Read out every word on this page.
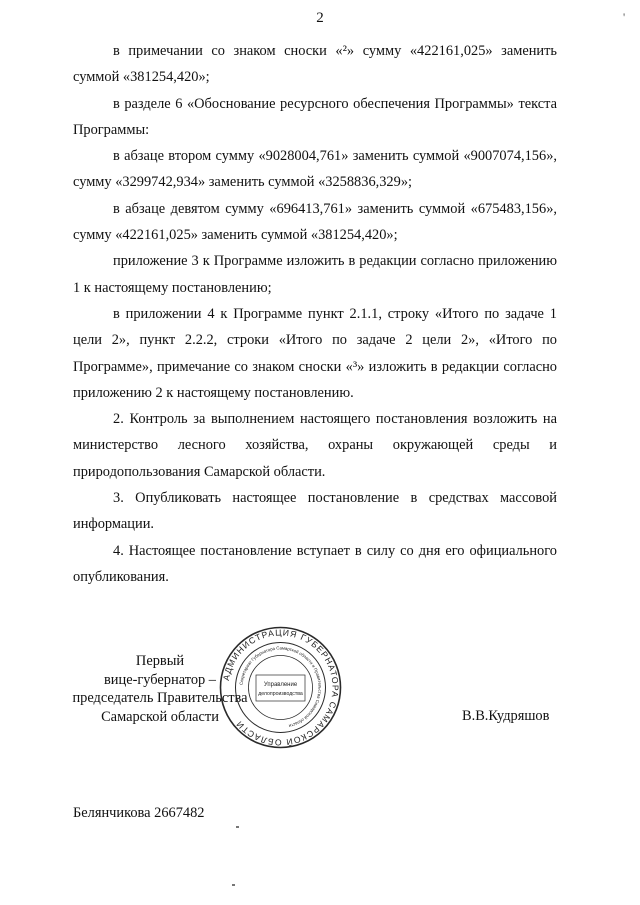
2	'

в примечании со знаком сноски «²» сумму «422161,025» заменить суммой «381254,420»;

в разделе 6 «Обоснование ресурсного обеспечения Программы» текста Программы:

в абзаце втором сумму «9028004,761» заменить суммой «9007074,156», сумму «3299742,934» заменить суммой «3258836,329»;

в абзаце девятом сумму «696413,761» заменить суммой «675483,156», сумму «422161,025» заменить суммой «381254,420»;

приложение 3 к Программе изложить в редакции согласно приложению 1 к настоящему постановлению;

в приложении 4 к Программе пункт 2.1.1, строку «Итого по задаче 1 цели 2», пункт 2.2.2, строки «Итого по задаче 2 цели 2», «Итого по Программе», примечание со знаком сноски «³» изложить в редакции согласно приложению 2 к настоящему постановлению.

2. Контроль за выполнением настоящего постановления возложить на министерство лесного хозяйства, охраны окружающей среды и природопользования Самарской области.

3. Опубликовать настоящее постановление в средствах массовой информации.

4. Настоящее постановление вступает в силу со дня его официального опубликования.

Первый
вице-губернатор –
председатель Правительства
Самарской области
АДМИНИСТРАЦИЯ ГУБЕРНАТОРА САМАРСКОЙ ОБЛАСТИ
Секретариат Губернатора Самарской области и Правительства Самарской области
Управление
делопроизводства
В.В.Кудряшов
Белянчикова 2667482
